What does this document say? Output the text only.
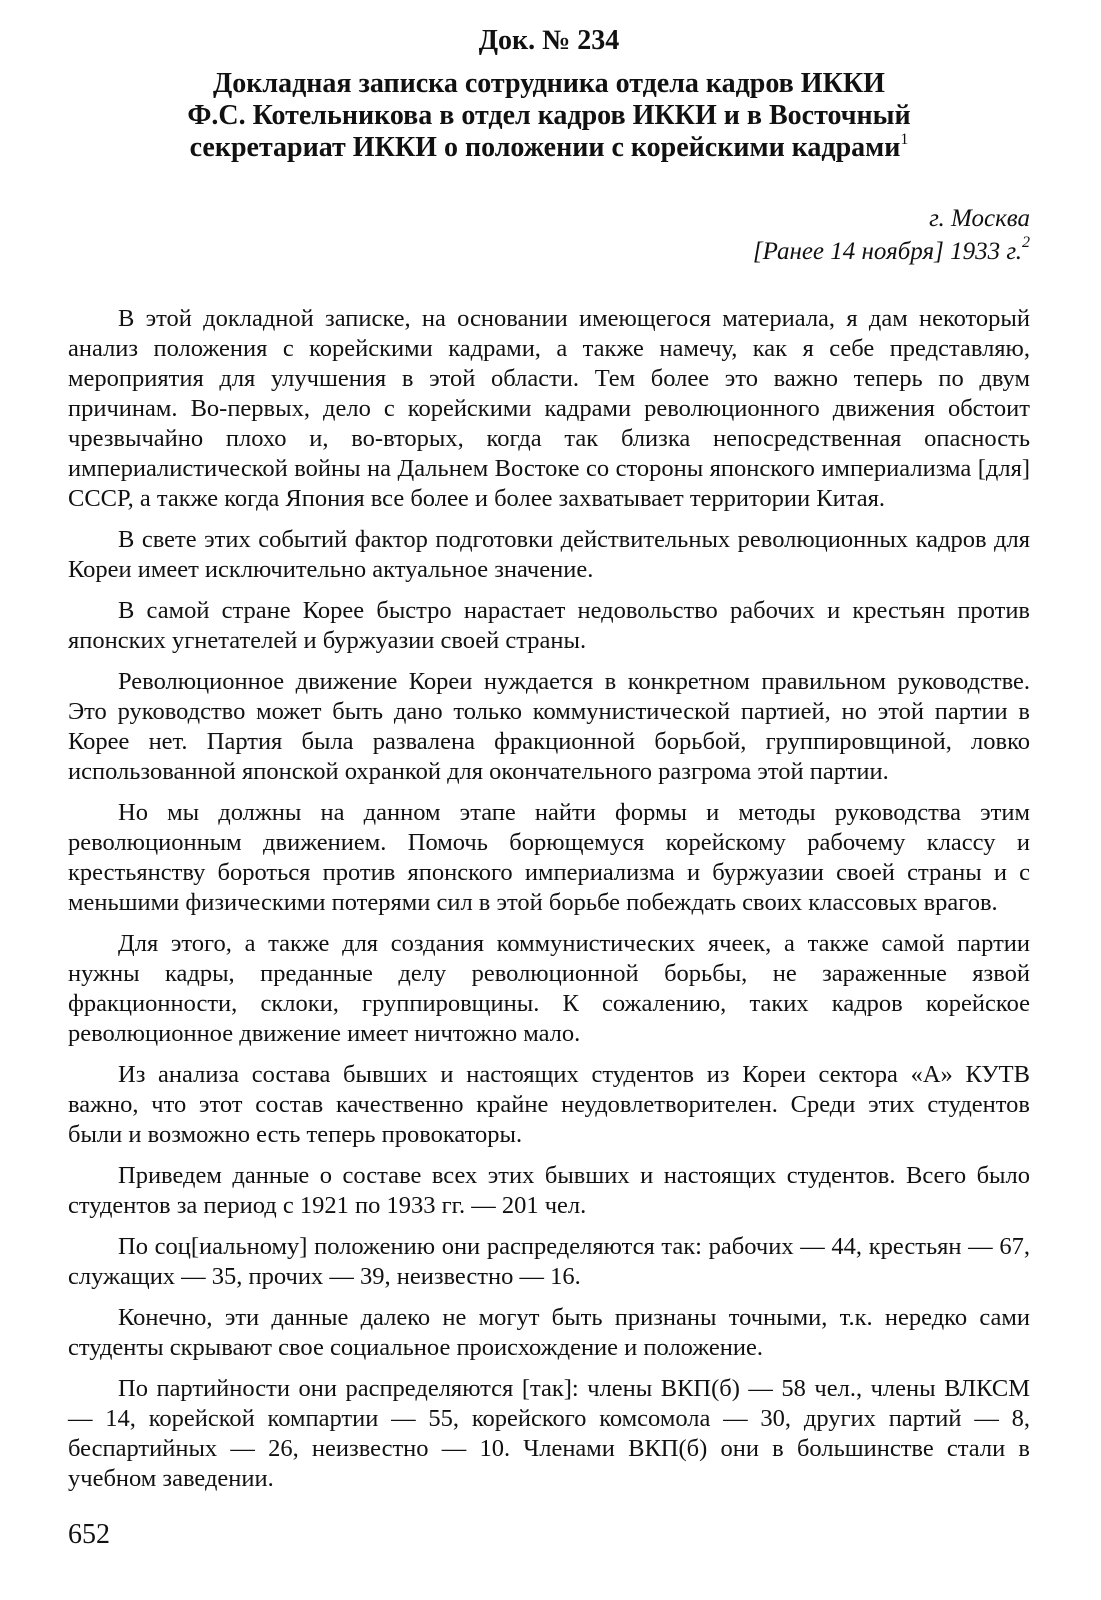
Док. № 234
Докладная записка сотрудника отдела кадров ИККИ
Ф.С. Котельникова в отдел кадров ИККИ и в Восточный
секретариат ИККИ о положении с корейскими кадрами$^1$
г. Москва
[Ранее 14 ноября] 1933 г.$^2$

В этой докладной записке, на основании имеющегося материала, я дам некоторый анализ положения с корейскими кадрами, а также намечу, как я себе представляю, мероприятия для улучшения в этой области. Тем более это важно теперь по двум причинам. Во-первых, дело с корейскими кадрами революционного движения обстоит чрезвычайно плохо и, во-вторых, когда так близка непосредственная опасность империалистической войны на Дальнем Востоке со стороны японского империализма [для] СССР, а также когда Япония все более и более захватывает территории Китая.

В свете этих событий фактор подготовки действительных революционных кадров для Кореи имеет исключительно актуальное значение.

В самой стране Корее быстро нарастает недовольство рабочих и крестьян против японских угнетателей и буржуазии своей страны.

Революционное движение Кореи нуждается в конкретном правильном руководстве. Это руководство может быть дано только коммунистической партией, но этой партии в Корее нет. Партия была развалена фракционной борьбой, группировщиной, ловко использованной японской охранкой для окончательного разгрома этой партии.

Но мы должны на данном этапе найти формы и методы руководства этим революционным движением. Помочь борющемуся корейскому рабочему классу и крестьянству бороться против японского империализма и буржуазии своей страны и с меньшими физическими потерями сил в этой борьбе побеждать своих классовых врагов.

Для этого, а также для создания коммунистических ячеек, а также самой партии нужны кадры, преданные делу революционной борьбы, не зараженные язвой фракционности, склоки, группировщины. К сожалению, таких кадров корейское революционное движение имеет ничтожно мало.

Из анализа состава бывших и настоящих студентов из Кореи сектора «А» КУТВ важно, что этот состав качественно крайне неудовлетворителен. Среди этих студентов были и возможно есть теперь провокаторы.

Приведем данные о составе всех этих бывших и настоящих студентов. Всего было студентов за период с 1921 по 1933 гг. — 201 чел.

По соц[иальному] положению они распределяются так: рабочих — 44, крестьян — 67, служащих — 35, прочих — 39, неизвестно — 16.

Конечно, эти данные далеко не могут быть признаны точными, т.к. нередко сами студенты скрывают свое социальное происхождение и положение.

По партийности они распределяются [так]: члены ВКП(б) — 58 чел., члены ВЛКСМ — 14, корейской компартии — 55, корейского комсомола — 30, других партий — 8, беспартийных — 26, неизвестно — 10. Членами ВКП(б) они в большинстве стали в учебном заведении.

652
